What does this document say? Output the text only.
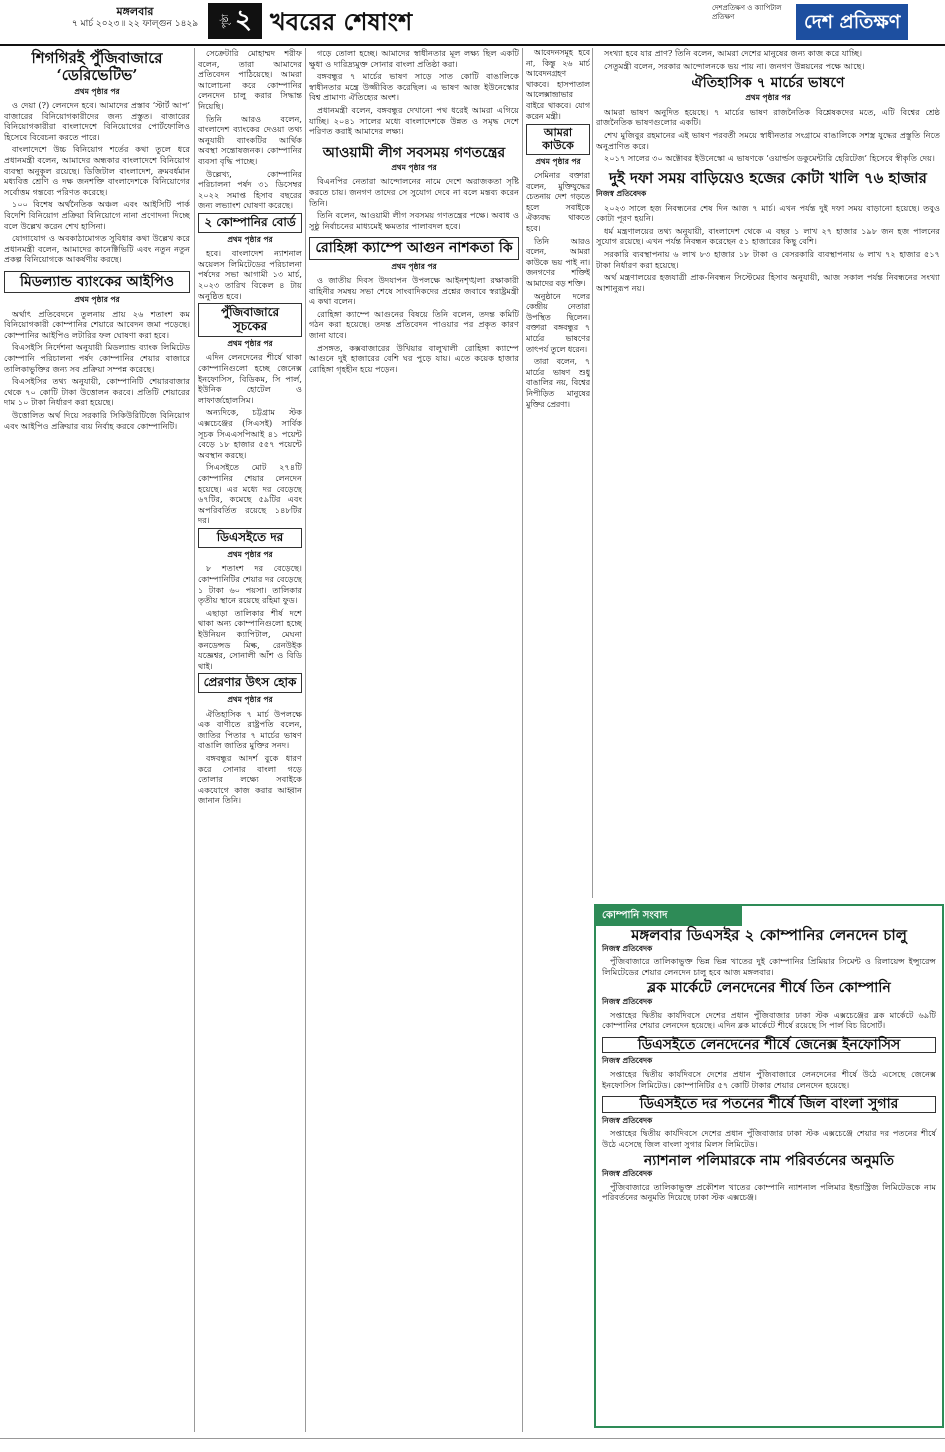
মঙ্গলবার
৭ মার্চ ২০২৩ ৷৷ ২২ ফাল্গুন ১৪২৯	পৃষ্ঠা ২ খবরের শেষাংশ	দেশপ্রতিক্ষণ ও ক্যাপিটাল প্রতিক্ষণ	দেশ প্রতিক্ষণ
শিগগিরই পুঁজিবাজারে ‘ডেরিভেটিভ’
প্রথম পৃষ্ঠার পর

ও দেয়া (?) লেনদেন হবে। আমাদের প্রস্তাব ‘স্টার্ট আপ’ বাজারের বিনিয়োগকারীদের জন্য প্রস্তুত। বাজারের বিনিয়োগকারীরা বাংলাদেশে বিনিয়োগের পোর্টফোলিও হিসেবে বিবেচনা করতে পারে।

বাংলাদেশে উচ্চ বিনিয়োগ শর্তের কথা তুলে ধরে প্রধানমন্ত্রী বলেন, আমাদের অন্ধকার বাংলাদেশে বিনিয়োগ ব্যবস্থা অনুকূল রয়েছে। ডিজিটাল বাংলাদেশ, ক্রমবর্ধমান মধ্যবিত্ত শ্রেণি ও দক্ষ জনশক্তি বাংলাদেশকে বিনিয়োগের সর্বোত্তম গন্তব্যে পরিণত করেছে।

১০০ বিশেষ অর্থনৈতিক অঞ্চল এবং আইসিটি পার্ক বিদেশি বিনিয়োগ প্রক্রিয়া বিনিয়োগে নানা প্রণোদনা দিচ্ছে বলে উল্লেখ করেন শেখ হাসিনা।

যোগাযোগ ও অবকাঠামোগত সুবিধার কথা উল্লেখ করে প্রধানমন্ত্রী বলেন, আমাদের কানেক্টিভিটি এবং নতুন নতুন প্রকল্প বিনিয়োগকে আকর্ষণীয় করছে।

মিডল্যান্ড ব্যাংকের আইপিও
প্রথম পৃষ্ঠার পর

অর্থাৎ প্রতিবেদনে তুলনায় প্রায় ২৬ শতাংশ কম বিনিয়োগকারী কোম্পানির শেয়ারে আবেদন জমা পড়েছে। কোম্পানির আইপিও লটারির ফল ঘোষণা করা হবে।

বিএসইসি নির্দেশনা অনুযায়ী মিডল্যান্ড ব্যাংক লিমিটেড কোম্পানি পরিচালনা পর্ষদ কোম্পানির শেয়ার বাজারে তালিকাভুক্তির জন্য সব প্রক্রিয়া সম্পন্ন করেছে।

বিএসইসির তথ্য অনুযায়ী, কোম্পানিটি শেয়ারবাজার থেকে ৭০ কোটি টাকা উত্তোলন করবে। প্রতিটি শেয়ারের দাম ১০ টাকা নির্ধারণ করা হয়েছে।

উত্তোলিত অর্থ দিয়ে সরকারি সিকিউরিটিজে বিনিয়োগ এবং আইপিও প্রক্রিয়ার ব্যয় নির্বাহ করবে কোম্পানিটি।

সেক্রেটারি মোহাম্মদ শরীফ বলেন, তারা আমাদের প্রতিবেদন পাঠিয়েছে। আমরা আলোচনা করে কোম্পানির লেনদেন চালু করার সিদ্ধান্ত নিয়েছি।

তিনি আরও বলেন, বাংলাদেশ ব্যাংকের দেওয়া তথ্য অনুযায়ী ব্যাংকটির আর্থিক অবস্থা সন্তোষজনক। কোম্পানির ব্যবসা বৃদ্ধি পাচ্ছে।

উল্লেখ্য, কোম্পানির পরিচালনা পর্ষদ ৩১ ডিসেম্বর ২০২২ সমাপ্ত হিসাব বছরের জন্য লভ্যাংশ ঘোষণা করেছে।

২ কোম্পানির বোর্ড
প্রথম পৃষ্ঠার পর

হবে। বাংলাদেশ ন্যাশনাল অয়েলস লিমিটেডের পরিচালনা পর্ষদের সভা আগামী ১৩ মার্চ, ২০২৩ তারিখ বিকেল ৪ টায় অনুষ্ঠিত হবে।

পুঁজিবাজারে সূচকের
প্রথম পৃষ্ঠার পর

এদিন লেনদেনের শীর্ষে থাকা কোম্পানিগুলো হচ্ছে জেনেক্স ইনফোসিস, বিডিকম, সি পার্ল, ইউনিক হোটেল ও লাফার্জহোলসিম।

অন্যদিকে, চট্টগ্রাম স্টক এক্সচেঞ্জের (সিএসই) সার্বিক সূচক সিএএসপিআই ৪১ পয়েন্ট বেড়ে ১৮ হাজার ৫৫৭ পয়েন্টে অবস্থান করছে।

সিএসইতে মোট ২৭৪টি কোম্পানির শেয়ার লেনদেন হয়েছে। এর মধ্যে দর বেড়েছে ৬৭টির, কমেছে ৫৯টির এবং অপরিবর্তিত রয়েছে ১৪৮টির দর।

ডিএসইতে দর
প্রথম পৃষ্ঠার পর

৮ শতাংশ দর বেড়েছে। কোম্পানিটির শেয়ার দর বেড়েছে ১ টাকা ৬০ পয়সা। তালিকার তৃতীয় স্থানে রয়েছে রহিমা ফুড।

এছাড়া তালিকার শীর্ষ দশে থাকা অন্য কোম্পানিগুলো হচ্ছে ইউনিয়ন ক্যাপিটাল, মেঘনা কনডেন্সড মিল্ক, রেনউইক যজ্ঞেশ্বর, সোনালী আঁশ ও বিডি থাই।

প্রেরণার উৎস হোক
প্রথম পৃষ্ঠার পর

ঐতিহাসিক ৭ মার্চ উপলক্ষে এক বাণীতে রাষ্ট্রপতি বলেন, জাতির পিতার ৭ মার্চের ভাষণ বাঙালি জাতির মুক্তির সনদ।

বঙ্গবন্ধুর আদর্শ বুকে ধারণ করে সোনার বাংলা গড়ে তোলার লক্ষ্যে সবাইকে একযোগে কাজ করার আহ্বান জানান তিনি।

গড়ে তোলা হচ্ছে। আমাদের স্বাধীনতার মূল লক্ষ্য ছিল একটি ক্ষুধা ও দারিদ্র্যমুক্ত সোনার বাংলা প্রতিষ্ঠা করা।

বঙ্গবন্ধুর ৭ মার্চের ভাষণ সাড়ে সাত কোটি বাঙালিকে স্বাধীনতার মন্ত্রে উজ্জীবিত করেছিল। এ ভাষণ আজ ইউনেস্কোর বিশ্ব প্রামাণ্য ঐতিহ্যের অংশ।

প্রধানমন্ত্রী বলেন, বঙ্গবন্ধুর দেখানো পথ ধরেই আমরা এগিয়ে যাচ্ছি। ২০৪১ সালের মধ্যে বাংলাদেশকে উন্নত ও সমৃদ্ধ দেশে পরিণত করাই আমাদের লক্ষ্য।

আওয়ামী লীগ সবসময় গণতন্ত্রের
প্রথম পৃষ্ঠার পর

বিএনপির নেতারা আন্দোলনের নামে দেশে অরাজকতা সৃষ্টি করতে চায়। জনগণ তাদের সে সুযোগ দেবে না বলে মন্তব্য করেন তিনি।

তিনি বলেন, আওয়ামী লীগ সবসময় গণতন্ত্রের পক্ষে। অবাধ ও সুষ্ঠু নির্বাচনের মাধ্যমেই ক্ষমতার পালাবদল হবে।

রোহিঙ্গা ক্যাম্পে আগুন নাশকতা কি
প্রথম পৃষ্ঠার পর

ও জাতীয় দিবস উদযাপন উপলক্ষে আইনশৃঙ্খলা রক্ষাকারী বাহিনীর সমন্বয় সভা শেষে সাংবাদিকদের প্রশ্নের জবাবে স্বরাষ্ট্রমন্ত্রী এ কথা বলেন।

রোহিঙ্গা ক্যাম্পে আগুনের বিষয়ে তিনি বলেন, তদন্ত কমিটি গঠন করা হয়েছে। তদন্ত প্রতিবেদন পাওয়ার পর প্রকৃত কারণ জানা যাবে।

প্রসঙ্গত, কক্সবাজারের উখিয়ার বালুখালী রোহিঙ্গা ক্যাম্পে আগুনে দুই হাজারের বেশি ঘর পুড়ে যায়। এতে কয়েক হাজার রোহিঙ্গা গৃহহীন হয়ে পড়েন।

আবেদনসমূহ হবে না, কিন্তু ২৬ মার্চ আবেদনগ্রহণ থাকবে। হাসপাতাল আলেক্সান্দ্রাভার বাইরে থাকবে। যোগ করেন মন্ত্রী।

আমরা কাউকে
প্রথম পৃষ্ঠার পর

সেমিনার বক্তারা বলেন, মুক্তিযুদ্ধের চেতনায় দেশ গড়তে হলে সবাইকে ঐক্যবদ্ধ থাকতে হবে।

তিনি আরও বলেন, আমরা কাউকে ভয় পাই না। জনগণের শক্তিই আমাদের বড় শক্তি।

অনুষ্ঠানে দলের কেন্দ্রীয় নেতারা উপস্থিত ছিলেন। বক্তারা বঙ্গবন্ধুর ৭ মার্চের ভাষণের তাৎপর্য তুলে ধরেন।

তারা বলেন, ৭ মার্চের ভাষণ শুধু বাঙালির নয়, বিশ্বের নিপীড়িত মানুষের মুক্তির প্রেরণা।

সংখ্যা হবে যার প্রাণ? তিনি বলেন, আমরা দেশের মানুষের জন্য কাজ করে যাচ্ছি।

সেতুমন্ত্রী বলেন, সরকার আন্দোলনকে ভয় পায় না। জনগণ উন্নয়নের পক্ষে আছে।

ঐতিহাসিক ৭ মার্চের ভাষণে
প্রথম পৃষ্ঠার পর

আমরা ভাষণ অনুদিত হয়েছে। ৭ মার্চের ভাষণ রাজনৈতিক বিশ্লেষকদের মতে, এটি বিশ্বের শ্রেষ্ঠ রাজনৈতিক ভাষণগুলোর একটি।

শেখ মুজিবুর রহমানের এই ভাষণ পরবর্তী সময়ে স্বাধীনতার সংগ্রামে বাঙালিকে সশস্ত্র যুদ্ধের প্রস্তুতি নিতে অনুপ্রাণিত করে।

২০১৭ সালের ৩০ অক্টোবর ইউনেস্কো এ ভাষণকে ‘ওয়ার্ল্ডস ডকুমেন্টারি হেরিটেজ’ হিসেবে স্বীকৃতি দেয়।

দুই দফা সময় বাড়িয়েও হজের কোটা খালি ৭৬ হাজার
নিজস্ব প্রতিবেদক

২০২৩ সালে হজ নিবন্ধনের শেষ দিন আজ ৭ মার্চ। এখন পর্যন্ত দুই দফা সময় বাড়ানো হয়েছে। তবুও কোটা পূরণ হয়নি।

ধর্ম মন্ত্রণালয়ের তথ্য অনুযায়ী, বাংলাদেশ থেকে এ বছর ১ লাখ ২৭ হাজার ১৯৮ জন হজ পালনের সুযোগ রয়েছে। এখন পর্যন্ত নিবন্ধন করেছেন ৫১ হাজারের কিছু বেশি।

সরকারি ব্যবস্থাপনায় ৬ লাখ ৮৩ হাজার ১৮ টাকা ও বেসরকারি ব্যবস্থাপনায় ৬ লাখ ৭২ হাজার ৫১৭ টাকা নির্ধারণ করা হয়েছে।

অর্থ মন্ত্রণালয়ের হজযাত্রী প্রাক-নিবন্ধন সিস্টেমের হিসাব অনুযায়ী, আজ সকাল পর্যন্ত নিবন্ধনের সংখ্যা আশানুরূপ নয়।

কোম্পানি সংবাদ
মঙ্গলবার ডিএসইর ২ কোম্পানির লেনদেন চালু
নিজস্ব প্রতিবেদক

পুঁজিবাজারে তালিকাভুক্ত ভিন্ন ভিন্ন খাতের দুই কোম্পানির প্রিমিয়ার সিমেন্ট ও রিলায়েন্স ইন্স্যুরেন্স লিমিটেডের শেয়ার লেনদেন চালু হবে আজ মঙ্গলবার।

ব্লক মার্কেটে লেনদেনের শীর্ষে তিন কোম্পানি
নিজস্ব প্রতিবেদক

সপ্তাহের দ্বিতীয় কার্যদিবসে দেশের প্রধান পুঁজিবাজার ঢাকা স্টক এক্সচেঞ্জের ব্লক মার্কেটে ৬৯টি কোম্পানির শেয়ার লেনদেন হয়েছে। এদিন ব্লক মার্কেটে শীর্ষে রয়েছে সি পার্ল বিচ রিসোর্ট।

ডিএসইতে লেনদেনের শীর্ষে জেনেক্স ইনফোসিস
নিজস্ব প্রতিবেদক

সপ্তাহের দ্বিতীয় কার্যদিবসে দেশের প্রধান পুঁজিবাজারে লেনদেনের শীর্ষে উঠে এসেছে জেনেক্স ইনফোসিস লিমিটেড। কোম্পানিটির ৫৭ কোটি টাকার শেয়ার লেনদেন হয়েছে।

ডিএসইতে দর পতনের শীর্ষে জিল বাংলা সুগার
নিজস্ব প্রতিবেদক

সপ্তাহের দ্বিতীয় কার্যদিবসে দেশের প্রধান পুঁজিবাজার ঢাকা স্টক এক্সচেঞ্জে শেয়ার দর পতনের শীর্ষে উঠে এসেছে জিল বাংলা সুগার মিলস লিমিটেড।

ন্যাশনাল পলিমারকে নাম পরিবর্তনের অনুমতি
নিজস্ব প্রতিবেদক

পুঁজিবাজারে তালিকাভুক্ত প্রকৌশল খাতের কোম্পানি ন্যাশনাল পলিমার ইন্ডাস্ট্রিজ লিমিটেডকে নাম পরিবর্তনের অনুমতি দিয়েছে ঢাকা স্টক এক্সচেঞ্জ।
